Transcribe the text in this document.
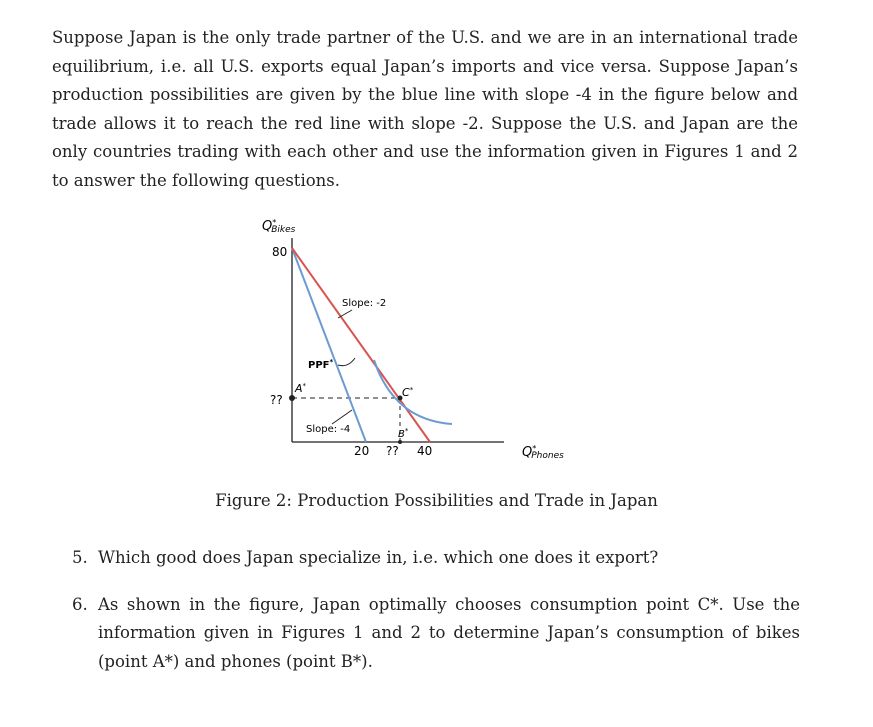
Suppose Japan is the only trade partner of the U.S. and we are in an international trade equilibrium, i.e. all U.S. exports equal Japan’s imports and vice versa. Suppose Japan’s production possibilities are given by the blue line with slope -4 in the figure below and trade allows it to reach the red line with slope -2. Suppose the U.S. and Japan are the only countries trading with each other and use the information given in Figures 1 and 2 to answer the following questions.

Q* Bikes
80
??
20 ?? 40	Q* Phones
A*	C*
B*
Slope: -2
PPF*
Slope: -4

Figure 2: Production Possibilities and Trade in Japan

5. Which good does Japan specialize in, i.e. which one does it export?
6. As shown in the figure, Japan optimally chooses consumption point C*. Use the information given in Figures 1 and 2 to determine Japan’s consumption of bikes (point A*) and phones (point B*).
